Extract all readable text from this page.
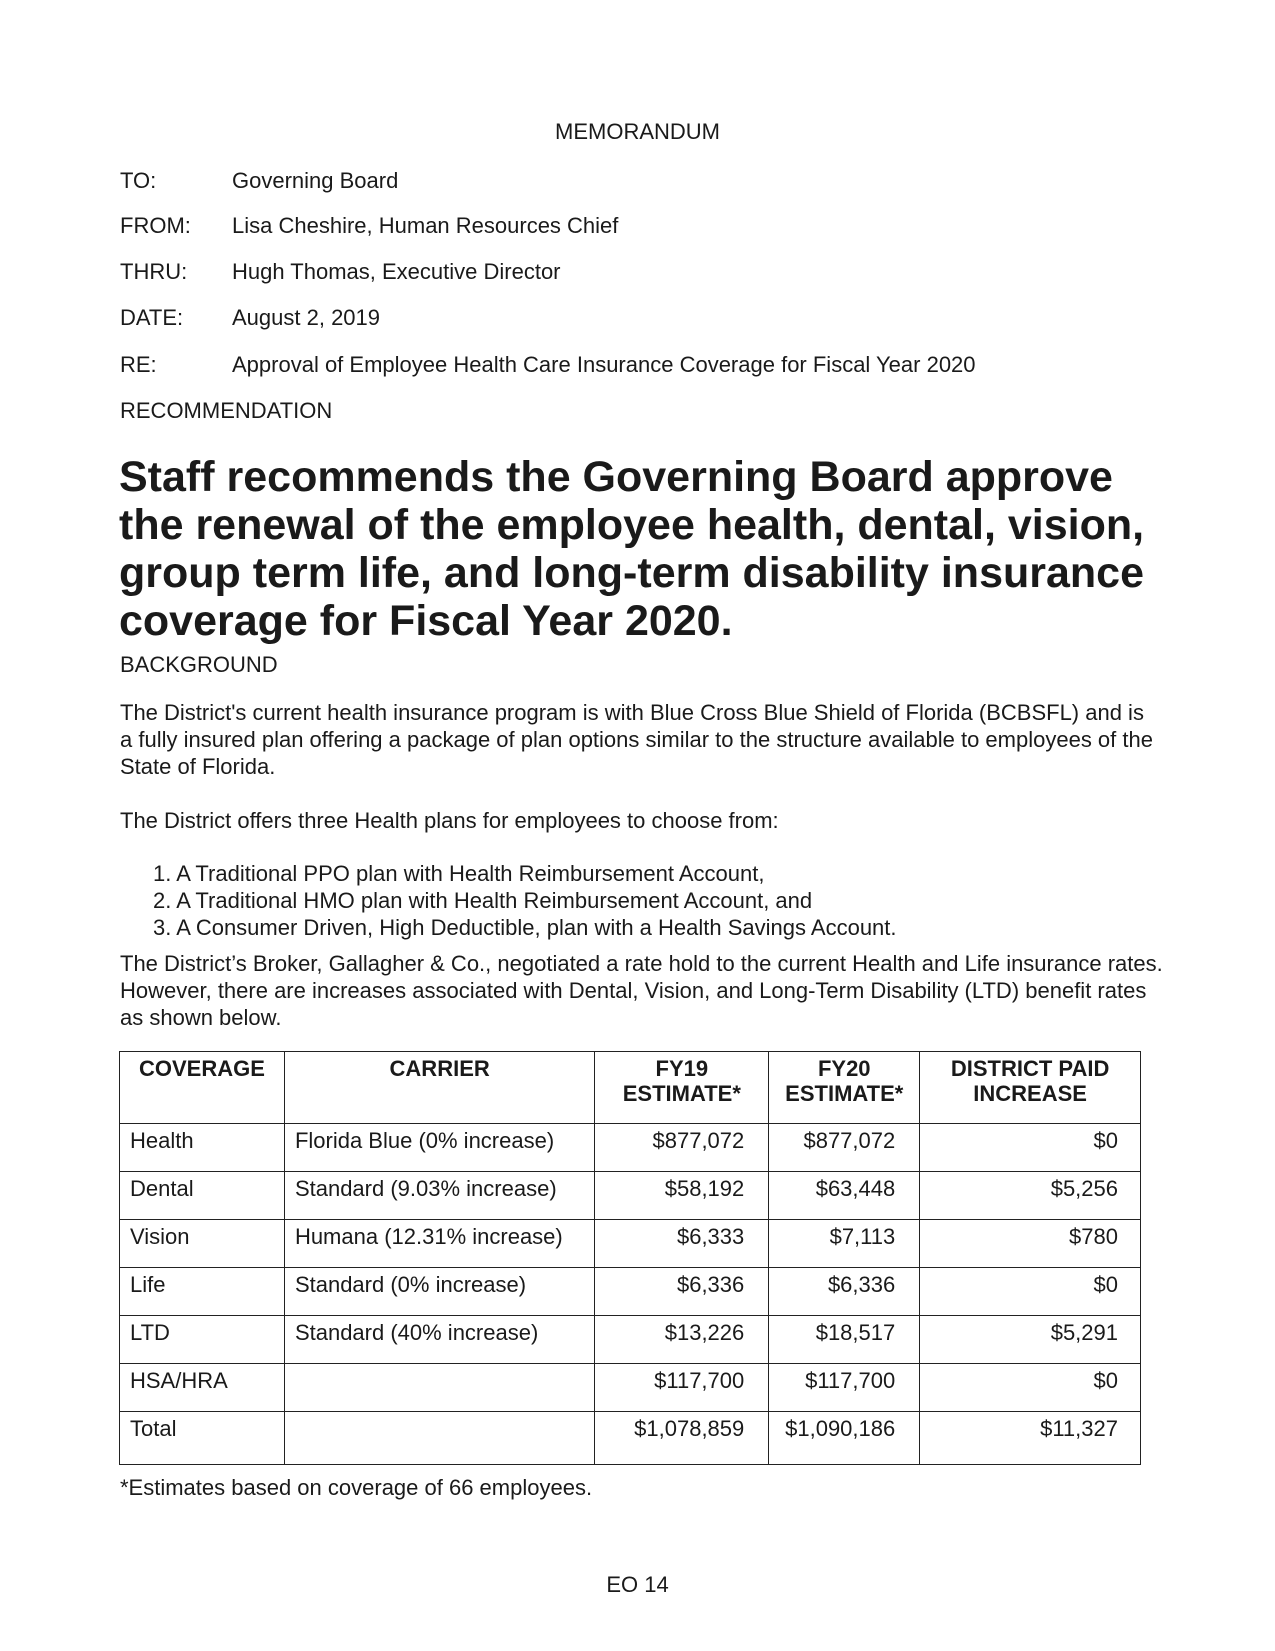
MEMORANDUM
TO:	Governing Board
FROM: Lisa Cheshire, Human Resources Chief
THRU: Hugh Thomas, Executive Director
DATE: August 2, 2019
RE:	Approval of Employee Health Care Insurance Coverage for Fiscal Year 2020
RECOMMENDATION

Staff recommends the Governing Board approve the renewal of the employee health, dental, vision, group term life, and long-term disability insurance coverage for Fiscal Year 2020.

BACKGROUND

The District's current health insurance program is with Blue Cross Blue Shield of Florida (BCBSFL) and is a fully insured plan offering a package of plan options similar to the structure available to employees of the State of Florida.

The District offers three Health plans for employees to choose from:

1. A Traditional PPO plan with Health Reimbursement Account,
2. A Traditional HMO plan with Health Reimbursement Account, and
3. A Consumer Driven, High Deductible, plan with a Health Savings Account.

The District’s Broker, Gallagher & Co., negotiated a rate hold to the current Health and Life insurance rates. However, there are increases associated with Dental, Vision, and Long-Term Disability (LTD) benefit rates as shown below.

COVERAGE	CARRIER	FY19 ESTIMATE*	FY20 ESTIMATE*	DISTRICT PAID INCREASE
Health	Florida Blue (0% increase)	$877,072	$877,072	$0
Dental	Standard (9.03% increase)	$58,192	$63,448	$5,256
Vision	Humana (12.31% increase)	$6,333	$7,113	$780
Life	Standard (0% increase)	$6,336	$6,336	$0
LTD	Standard (40% increase)	$13,226	$18,517	$5,291
HSA/HRA		$117,700	$117,700	$0
Total		$1,078,859	$1,090,186	$11,327
*Estimates based on coverage of 66 employees.
EO 14
